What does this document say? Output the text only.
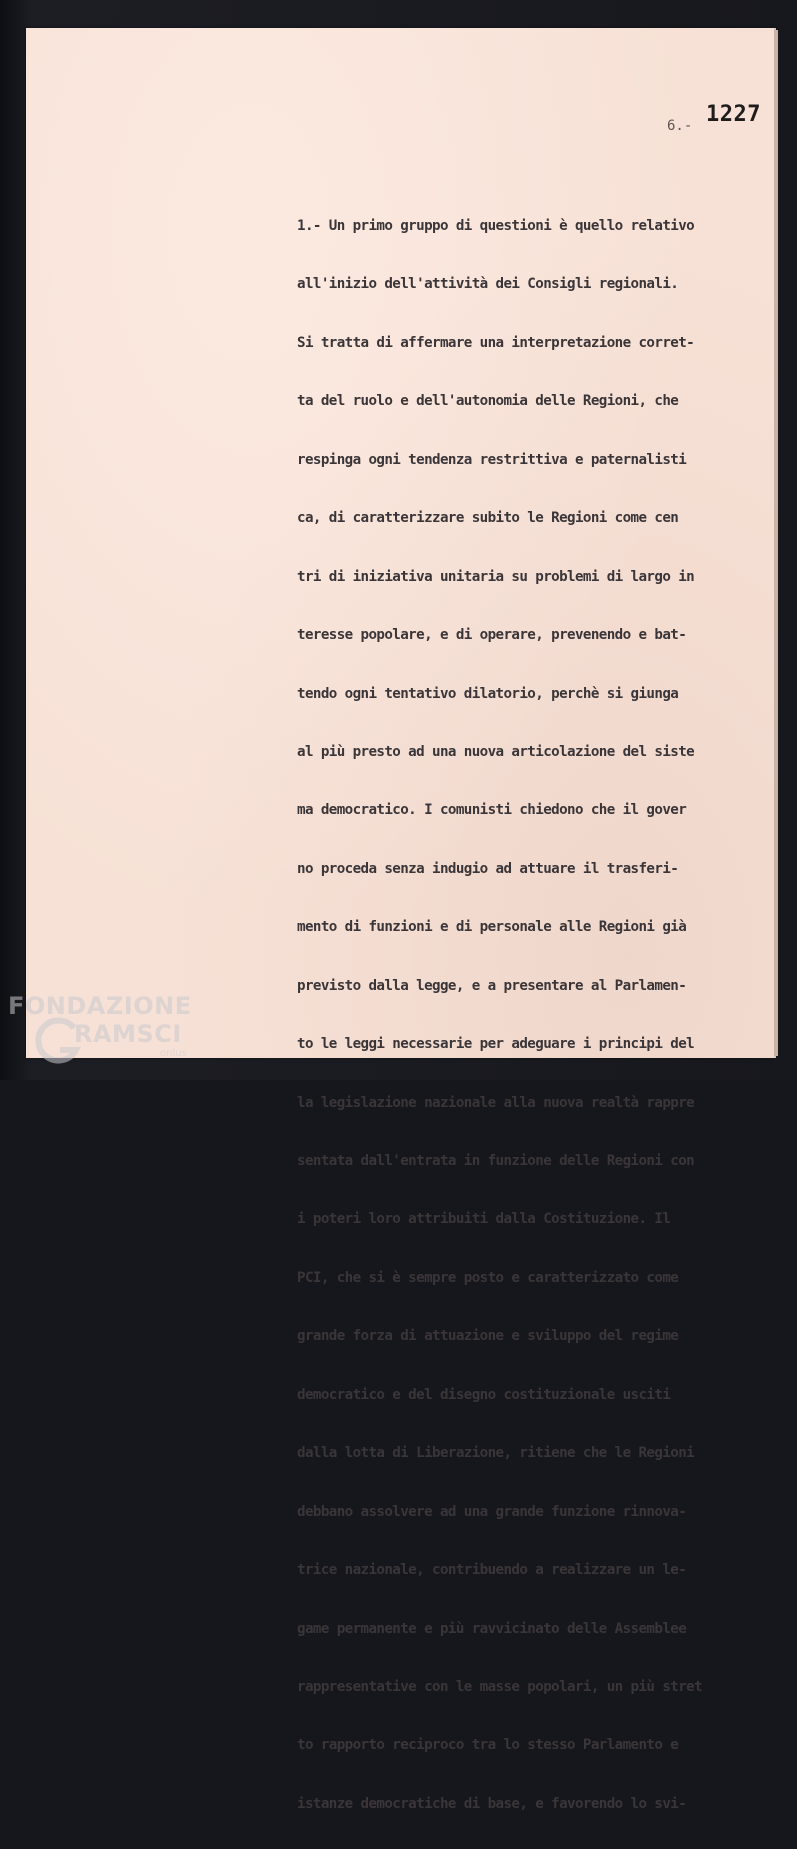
1227
6.-

1.- Un primo gruppo di questioni è quello relativo

all'inizio dell'attività dei Consigli regionali.

Si tratta di affermare una interpretazione corret-

ta del ruolo e dell'autonomia delle Regioni, che

respinga ogni tendenza restrittiva e paternalisti

ca, di caratterizzare subito le Regioni come cen

tri di iniziativa unitaria su problemi di largo in

teresse popolare, e di operare, prevenendo e bat-

tendo ogni tentativo dilatorio, perchè si giunga

al più presto ad una nuova articolazione del siste

ma democratico. I comunisti chiedono che il gover

no proceda senza indugio ad attuare il trasferi-

mento di funzioni e di personale alle Regioni già

previsto dalla legge, e a presentare al Parlamen-

to le leggi necessarie per adeguare i principi del

la legislazione nazionale alla nuova realtà rappre

sentata dall'entrata in funzione delle Regioni con

i poteri loro attribuiti dalla Costituzione. Il

PCI, che si è sempre posto e caratterizzato come

grande forza di attuazione e sviluppo del regime

democratico e del disegno costituzionale usciti

dalla lotta di Liberazione, ritiene che le Regioni

debbano assolvere ad una grande funzione rinnova-

trice nazionale, contribuendo a realizzare un le-

game permanente e più ravvicinato delle Assemblee

rappresentative con le masse popolari, un più stret

to rapporto reciproco tra lo stesso Parlamento e

istanze democratiche di base, e favorendo lo svi-

FONDAZIONE
RAMSCI
onlus
